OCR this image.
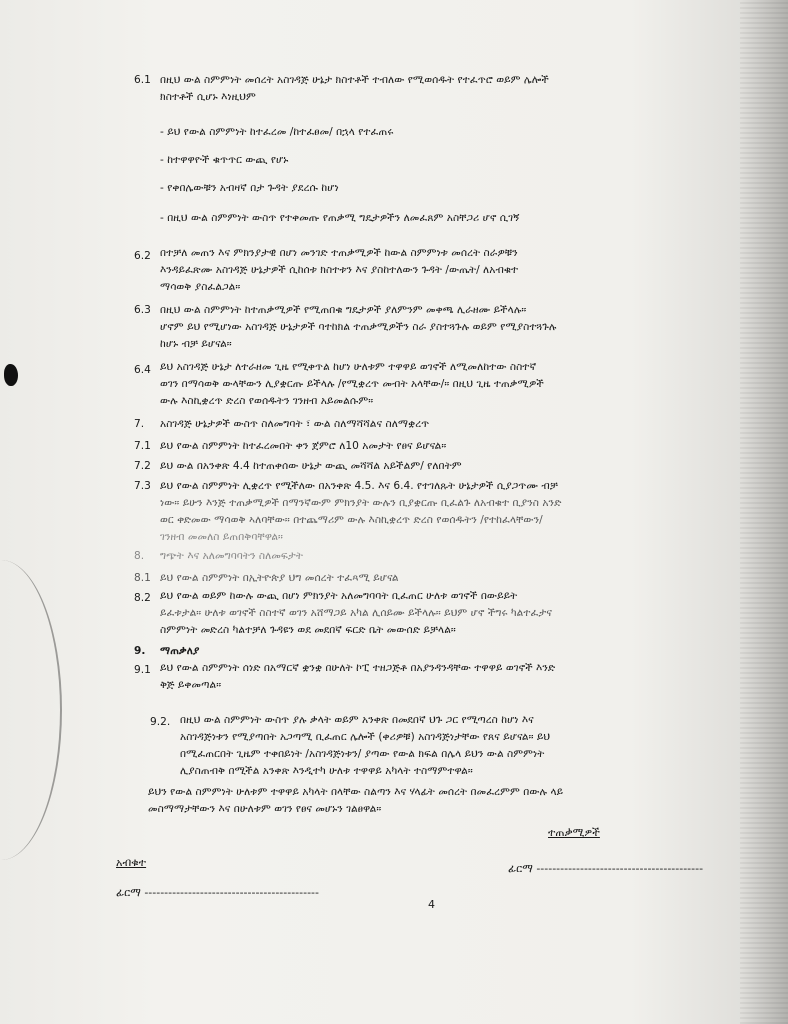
6.1 በዚህ ውል ስምምነት መሰረት አስገዳጅ ሁኔታ ክስተቶች ተብለው የሚወሰዱት የተፈጥሮ ወይም ሌሎች

ክስተቶች ሲሆኑ እነዚህም

- ይህ የውል ስምምነት ከተፈረመ /ከተፈፀመ/ በኋላ የተፈጠሩ
- ከተዋዋዮች ቁጥጥር ውጪ የሆኑ
- የቀበሌውቹን አብዛኛ በታ ጉዳት ያደረሱ ከሆነ
- በዚህ ውል ስምምነት ውስጥ የተቀመጡ የጠቃሚ ግዴታዎችን ለመፈጸም አስቸጋሪ ሆኖ ሲገኝ
6.2 በተቻለ መጠን እና ምክንያታዊ በሆነ መንገድ ተጠቃሚዎች ከውል ስምምነቱ መሰረት ስራዎቹን

እንዳይፈጽሙ አስገዳጅ ሁኔታዎች ሲከሰቱ ክስተቱን እና ያስከተለውን ጉዳት /ውጤት/ ለአብቁተ

ማሳወቅ ያስፈልጋል።

6.3 በዚህ ውል ስምምነት ከተጠቃሚዎች የሚጠበቁ ግዴታዎች ያለምንም መቀጫ ሊራዘሙ ይችላሉ።

ሆኖም ይህ የሚሆነው አስገዳጅ ሁኔታዎች ባተከክል ተጠቃሚዎችን ስራ ያስተጓጉሉ ወይም የሚያስተጓጉሉ

ከሆኑ ብቻ ይሆናል።

6.4 ይህ አስገዳጅ ሁኔታ ለተራዘመ ጊዜ የሚቀጥል ከሆነ ሁለቱም ተዋዋይ ወገኖች ለሚመለከተው ስስተኛ

ወገን በማሳወቅ ውላቸውን ሊያቋርጡ ይችላሉ /የሚቋረጥ መብት አላቸው/። በዚህ ጊዜ ተጠቃሚዎች

ውሉ እስኪቋረጥ ድረስ የወሰዱትን ገንዘብ አይመልሱም።

7. አስገዳጅ ሁኔታዎች ውስጥ ስለመግባት ፣ ውል ስለማሻሻልና ስለማቋረጥ
7.1 ይህ የውል ስምምነት ከተፈረመበት ቀን ጀምሮ ለ10 አመታት የፀና ይሆናል።
7.2 ይህ ውል በአንቀጽ 4.4 ከተጠቀሰው ሁኔታ ውጪ መሻሻል አይችልም/ የለበትም
7.3 ይህ የውል ስምምነት ሊቋረጥ የሚችለው በአንቀጽ 4.5. እና 6.4. የተገለጹት ሁኔታዎች ሲያጋጥሙ ብቻ

ነው። ይሁን እንጅ ተጠቃሚዎች በማንኛውም ምክንያት ውሉን ቢያቋርጡ ቢፈልጉ ለአብቁተ ቢያንስ አንድ

ወር ቀድመው ማሳወቅ ኣለባቸው። በተጨማሪም ውሉ እስኪቋረጥ ድረስ የወሰዱትን /የተከፈላቸውን/

ገንዘብ መመለስ ይጠበቅባቸዋል።

8. ግጭት እና አለመግባባትን ስለመፍታት
8.1 ይህ የውል ስምምነት በኢትዮጵያ ህግ መሰረት ተፈጻሚ ይሆናል
8.2 ይህ የውል ወይም ከውሉ ውጪ በሆነ ምክንያት አለመግባባት ቢፈጠር ሁለቱ ወገኖች በውይይት

ይፈቱታል። ሁለቱ ወገኖች ስስተኛ ወገን አሸማጋይ አካል ሊሰይሙ ይችላሉ። ይህም ሆኖ ችግሩ ካልተፈታና

ስምምነት መድረስ ካልተቻለ ጉዳዩን ወደ መደበኛ ፍርድ ቤት መውሰድ ይቻላል።

9. ማጠቃለያ
9.1 ይህ የውል ስምምነት ሰነድ በአማርኛ ቋንቋ በሁለት ኮፒ ተዘጋጅቶ በአያንዳንዳቸው ተዋዋይ ወገኖች እንድ

ቅጅ ይቀመጣል።

9.2. በዚህ ውል ስምምነት ውስጥ ያሉ ቃላት ወይም አንቀጽ በመደበኛ ህጉ ጋር የሚጣረስ ከሆነ እና

አስገዳጅነቱን የሚያጣበት አጋጣሚ ቢፈጠር ሌሎች (ቀሪዎቹ) አስገዳጅነታቸው የጸና ይሆናል። ይህ

በሚፈጠርበት ጊዜም ተቀበይነት /አስገዳጅነቱን/ ያጣው የውል ክፍል በሌላ ይህን ውል ስምምነት

ሊያስጠብቅ በሚችል አንቀጽ እንዲተካ ሁለቱ ተዋዋይ አካላት ተስማምተዋል።

ይህን የውል ስምምነት ሁለቱም ተዋዋይ አካላት በላቸው ስልጣን እና ሃላፊት መሰረት በመፈረምም በውሉ ላይ

መስማማታቸውን እና በሁለቱም ወገን የፀና መሆኑን ገልፀዋል።

ተጠቃሚዎች
አብቁተ	ፊርማ ------------------------------------------
ፊርማ --------------------------------------------
4
